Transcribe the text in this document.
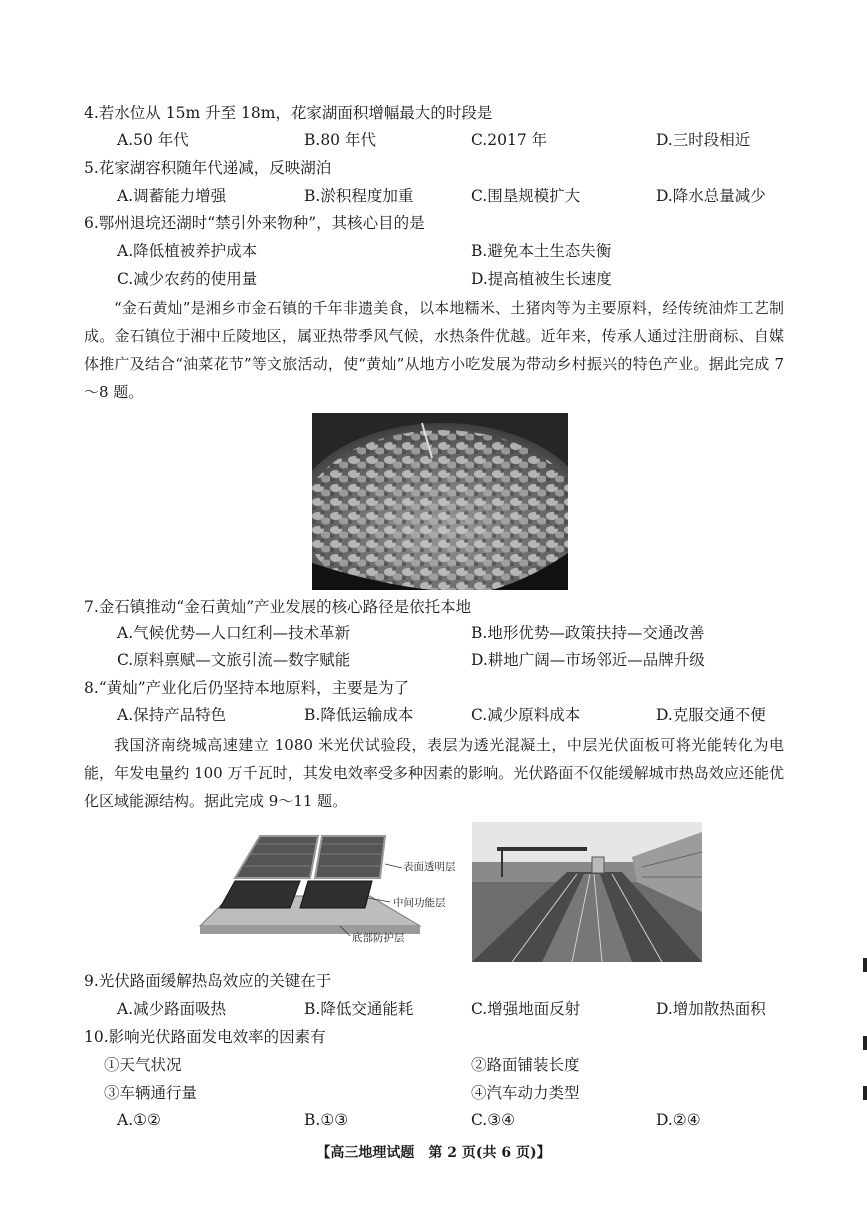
4.若水位从 15m 升至 18m，花家湖面积增幅最大的时段是
A.50 年代	B.80 年代	C.2017 年	D.三时段相近
5.花家湖容积随年代递减，反映湖泊
A.调蓄能力增强	B.淤积程度加重	C.围垦规模扩大	D.降水总量减少
6.鄂州退垸还湖时“禁引外来物种”，其核心目的是
A.降低植被养护成本	B.避免本土生态失衡
C.减少农药的使用量	D.提高植被生长速度
“金石黄灿”是湘乡市金石镇的千年非遗美食，以本地糯米、土猪肉等为主要原料，经传统油炸工艺制成。金石镇位于湘中丘陵地区，属亚热带季风气候，水热条件优越。近年来，传承人通过注册商标、自媒体推广及结合“油菜花节”等文旅活动，使“黄灿”从地方小吃发展为带动乡村振兴的特色产业。据此完成 7～8 题。
7.金石镇推动“金石黄灿”产业发展的核心路径是依托本地
A.气候优势—人口红利—技术革新	B.地形优势—政策扶持—交通改善
C.原料禀赋—文旅引流—数字赋能	D.耕地广阔—市场邻近—品牌升级
8.“黄灿”产业化后仍坚持本地原料，主要是为了
A.保持产品特色	B.降低运输成本	C.减少原料成本	D.克服交通不便
我国济南绕城高速建立 1080 米光伏试验段，表层为透光混凝土，中层光伏面板可将光能转化为电能，年发电量约 100 万千瓦时，其发电效率受多种因素的影响。光伏路面不仅能缓解城市热岛效应还能优化区域能源结构。据此完成 9～11 题。
表面透明层
中间功能层
底部防护层
9.光伏路面缓解热岛效应的关键在于
A.减少路面吸热	B.降低交通能耗	C.增强地面反射	D.增加散热面积
10.影响光伏路面发电效率的因素有
①天气状况	②路面铺装长度
③车辆通行量	④汽车动力类型
A.①②	B.①③	C.③④	D.②④
【高三地理试题　第 2 页(共 6 页)】
